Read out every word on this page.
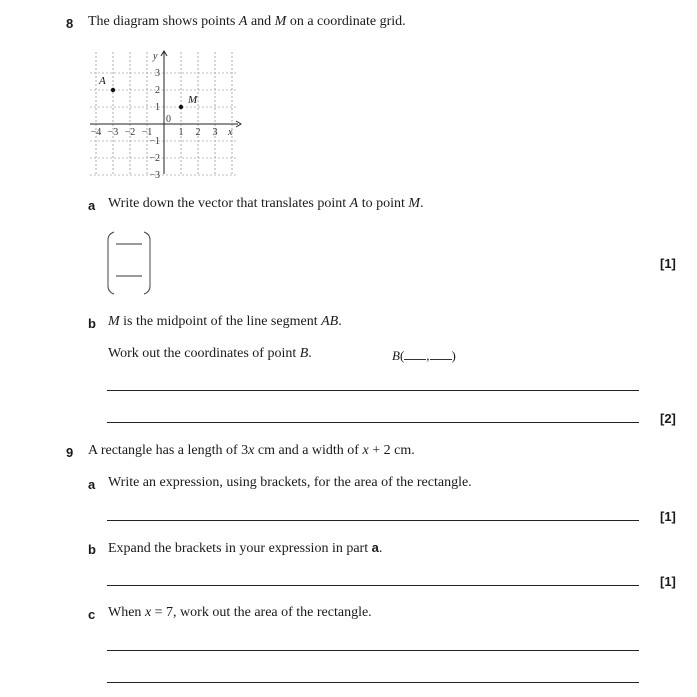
8 The diagram shows points A and M on a coordinate grid.
−4 −3 −2 −1	1 2 3
3
2
1
−1
−2
−3
0
x
y
A
M
a Write down the vector that translates point A to point M.
[1]
b M is the midpoint of the line segment AB.
Work out the coordinates of point B.	B( , )
[2]
9 A rectangle has a length of 3x cm and a width of x + 2 cm.
a Write an expression, using brackets, for the area of the rectangle.
[1]
b Expand the brackets in your expression in part a.
[1]
c When x = 7, work out the area of the rectangle.
